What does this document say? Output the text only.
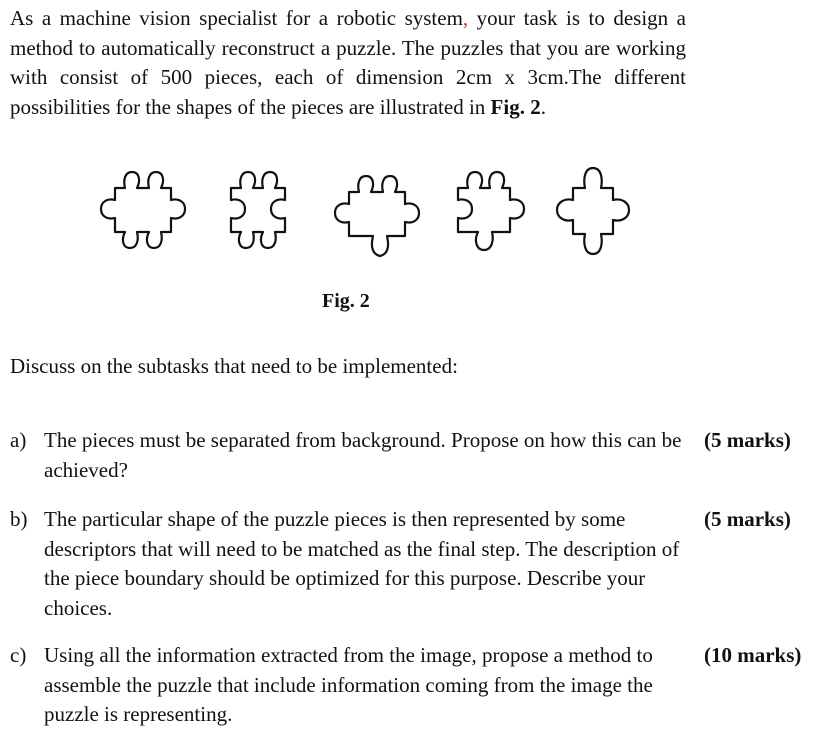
As a machine vision specialist for a robotic system, your task is to design a method to automatically reconstruct a puzzle. The puzzles that you are working with consist of 500 pieces, each of dimension 2cm x 3cm.The different possibilities for the shapes of the pieces are illustrated in Fig. 2.

Fig. 2
Discuss on the subtasks that need to be implemented:
a) The pieces must be separated from background. Propose on how this can be achieved?

(5 marks)
b) The particular shape of the puzzle pieces is then represented by some descriptors that will need to be matched as the final step. The description of the piece boundary should be optimized for this purpose. Describe your choices.

(5 marks)
c) Using all the information extracted from the image, propose a method to assemble the puzzle that include information coming from the image the puzzle is representing.

(10 marks)
